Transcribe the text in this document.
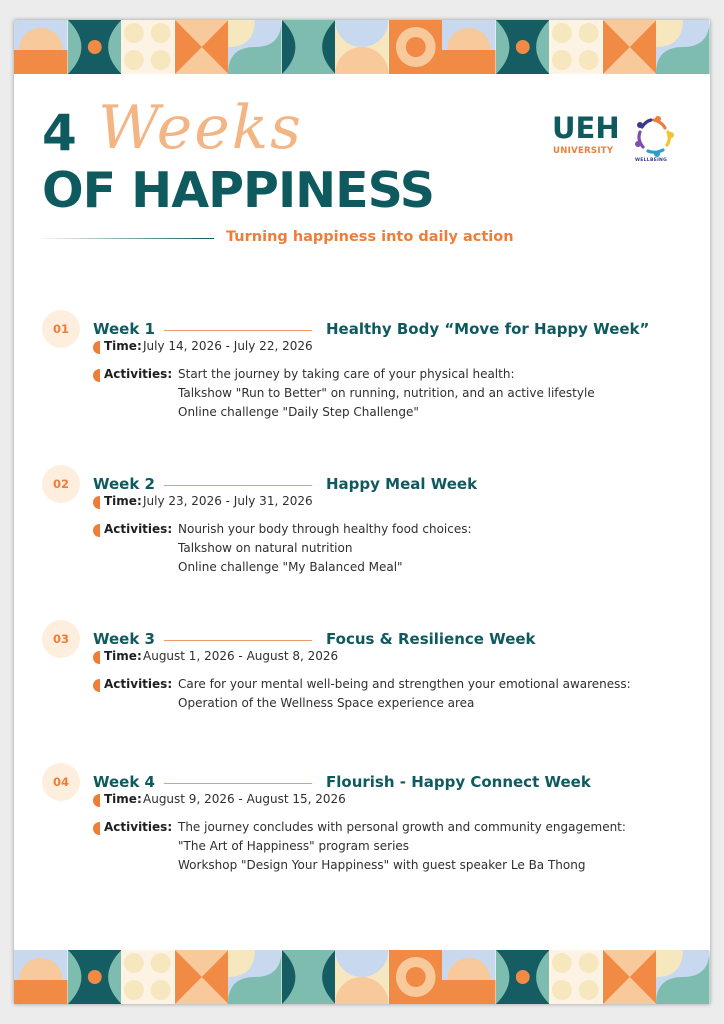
4 Weeks
OF HAPPINESS
Turning happiness into daily action
UEH
UNIVERSITY
WELLBEING
01	Week 1	Healthy Body “Move for Happy Week”
Time: July 14, 2026 - July 22, 2026
Activities: Start the journey by taking care of your physical health:
Talkshow "Run to Better" on running, nutrition, and an active lifestyle
Online challenge "Daily Step Challenge"
02	Week 2	Happy Meal Week
Time: July 23, 2026 - July 31, 2026
Activities: Nourish your body through healthy food choices:
Talkshow on natural nutrition
Online challenge "My Balanced Meal"
03	Week 3	Focus & Resilience Week
Time: August 1, 2026 - August 8, 2026
Activities: Care for your mental well-being and strengthen your emotional awareness:
Operation of the Wellness Space experience area
04	Week 4	Flourish - Happy Connect Week
Time: August 9, 2026 - August 15, 2026
Activities: The journey concludes with personal growth and community engagement:
"The Art of Happiness" program series
Workshop "Design Your Happiness" with guest speaker Le Ba Thong
